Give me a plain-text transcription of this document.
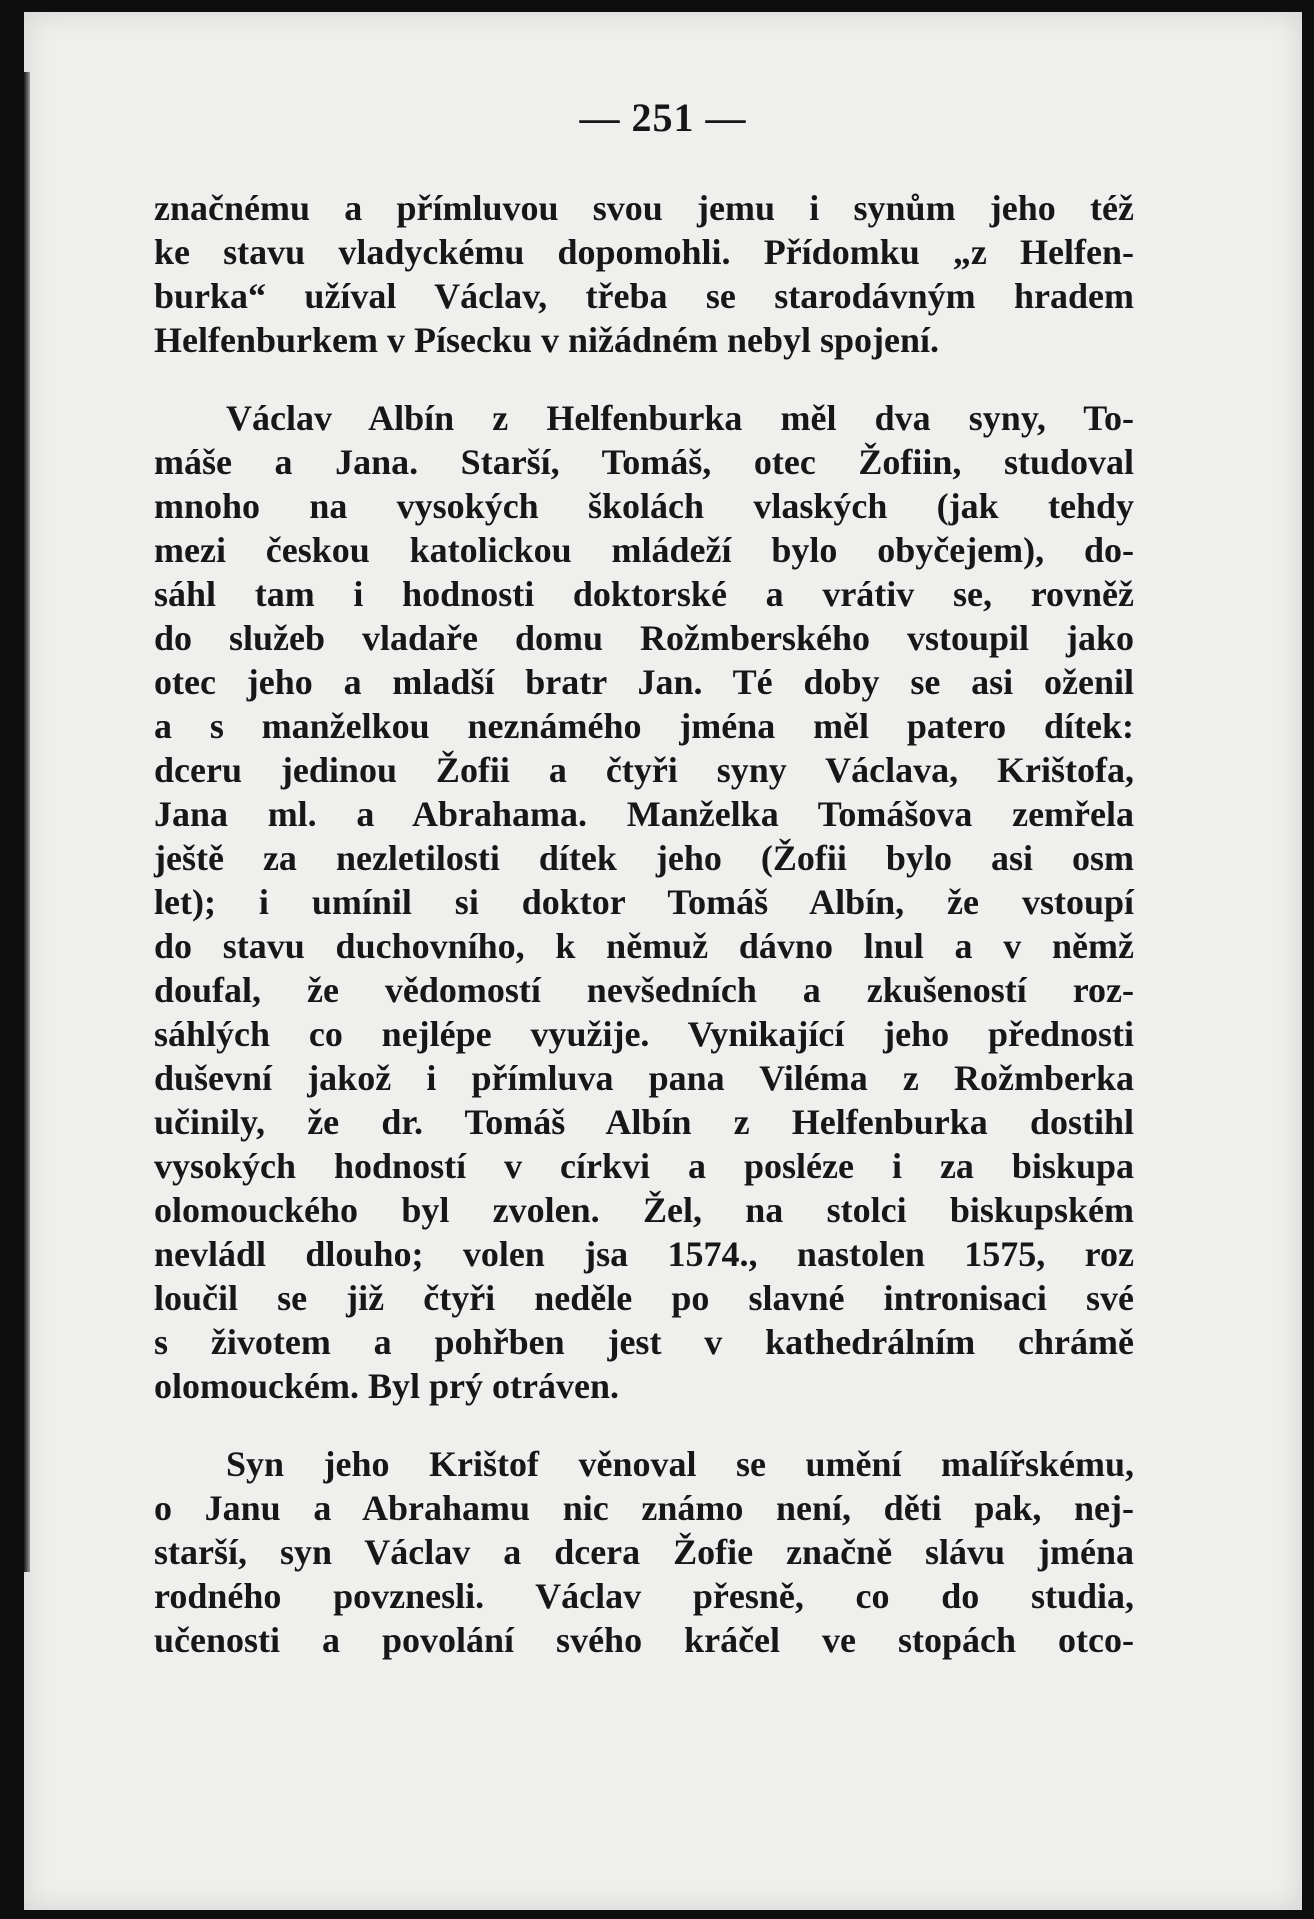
— 251 —
značnému a přímluvou svou jemu i synům jeho též
ke stavu vladyckému dopomohli. Přídomku „z Helfen-
burka“ užíval Václav, třeba se starodávným hradem
Helfenburkem v Písecku v nižádném nebyl spojení.
Václav Albín z Helfenburka měl dva syny, To-
máše a Jana. Starší, Tomáš, otec Žofiin, studoval
mnoho na vysokých školách vlaských (jak tehdy
mezi českou katolickou mládeží bylo obyčejem), do-
sáhl tam i hodnosti doktorské a vrátiv se, rovněž
do služeb vladaře domu Rožmberského vstoupil jako
otec jeho a mladší bratr Jan. Té doby se asi oženil
a s manželkou neznámého jména měl patero dítek:
dceru jedinou Žofii a čtyři syny Václava, Krištofa,
Jana ml. a Abrahama. Manželka Tomášova zemřela
ještě za nezletilosti dítek jeho (Žofii bylo asi osm
let); i umínil si doktor Tomáš Albín, že vstoupí
do stavu duchovního, k němuž dávno lnul a v němž
doufal, že vědomostí nevšedních a zkušeností roz-
sáhlých co nejlépe využije. Vynikající jeho přednosti
duševní jakož i přímluva pana Viléma z Rožmberka
učinily, že dr. Tomáš Albín z Helfenburka dostihl
vysokých hodností v církvi a posléze i za biskupa
olomouckého byl zvolen. Žel, na stolci biskupském
nevládl dlouho; volen jsa 1574., nastolen 1575, roz
loučil se již čtyři neděle po slavné intronisaci své
s životem a pohřben jest v kathedrálním chrámě
olomouckém. Byl prý otráven.
Syn jeho Krištof věnoval se umění malířskému,
o Janu a Abrahamu nic známo není, děti pak, nej-
starší, syn Václav a dcera Žofie značně slávu jména
rodného povznesli. Václav přesně, co do studia,
učenosti a povolání svého kráčel ve stopách otco-
